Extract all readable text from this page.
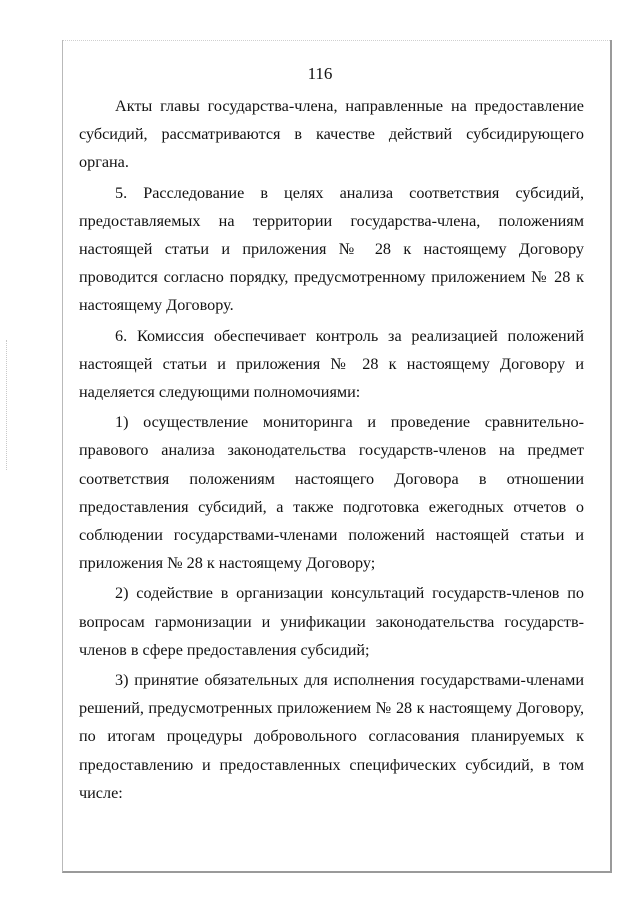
116

Акты главы государства-члена, направленные на предоставление субсидий, рассматриваются в качестве действий субсидирующего органа.

5. Расследование в целях анализа соответствия субсидий, предоставляемых на территории государства-члена, положениям настоящей статьи и приложения № 28 к настоящему Договору проводится согласно порядку, предусмотренному приложением № 28 к настоящему Договору.

6. Комиссия обеспечивает контроль за реализацией положений настоящей статьи и приложения № 28 к настоящему Договору и наделяется следующими полномочиями:

1) осуществление мониторинга и проведение сравнительно-правового анализа законодательства государств-членов на предмет соответствия положениям настоящего Договора в отношении предоставления субсидий, а также подготовка ежегодных отчетов о соблюдении государствами-членами положений настоящей статьи и приложения № 28 к настоящему Договору;

2) содействие в организации консультаций государств-членов по вопросам гармонизации и унификации законодательства государств-членов в сфере предоставления субсидий;

3) принятие обязательных для исполнения государствами-членами решений, предусмотренных приложением № 28 к настоящему Договору, по итогам процедуры добровольного согласования планируемых к предоставлению и предоставленных специфических субсидий, в том числе:
